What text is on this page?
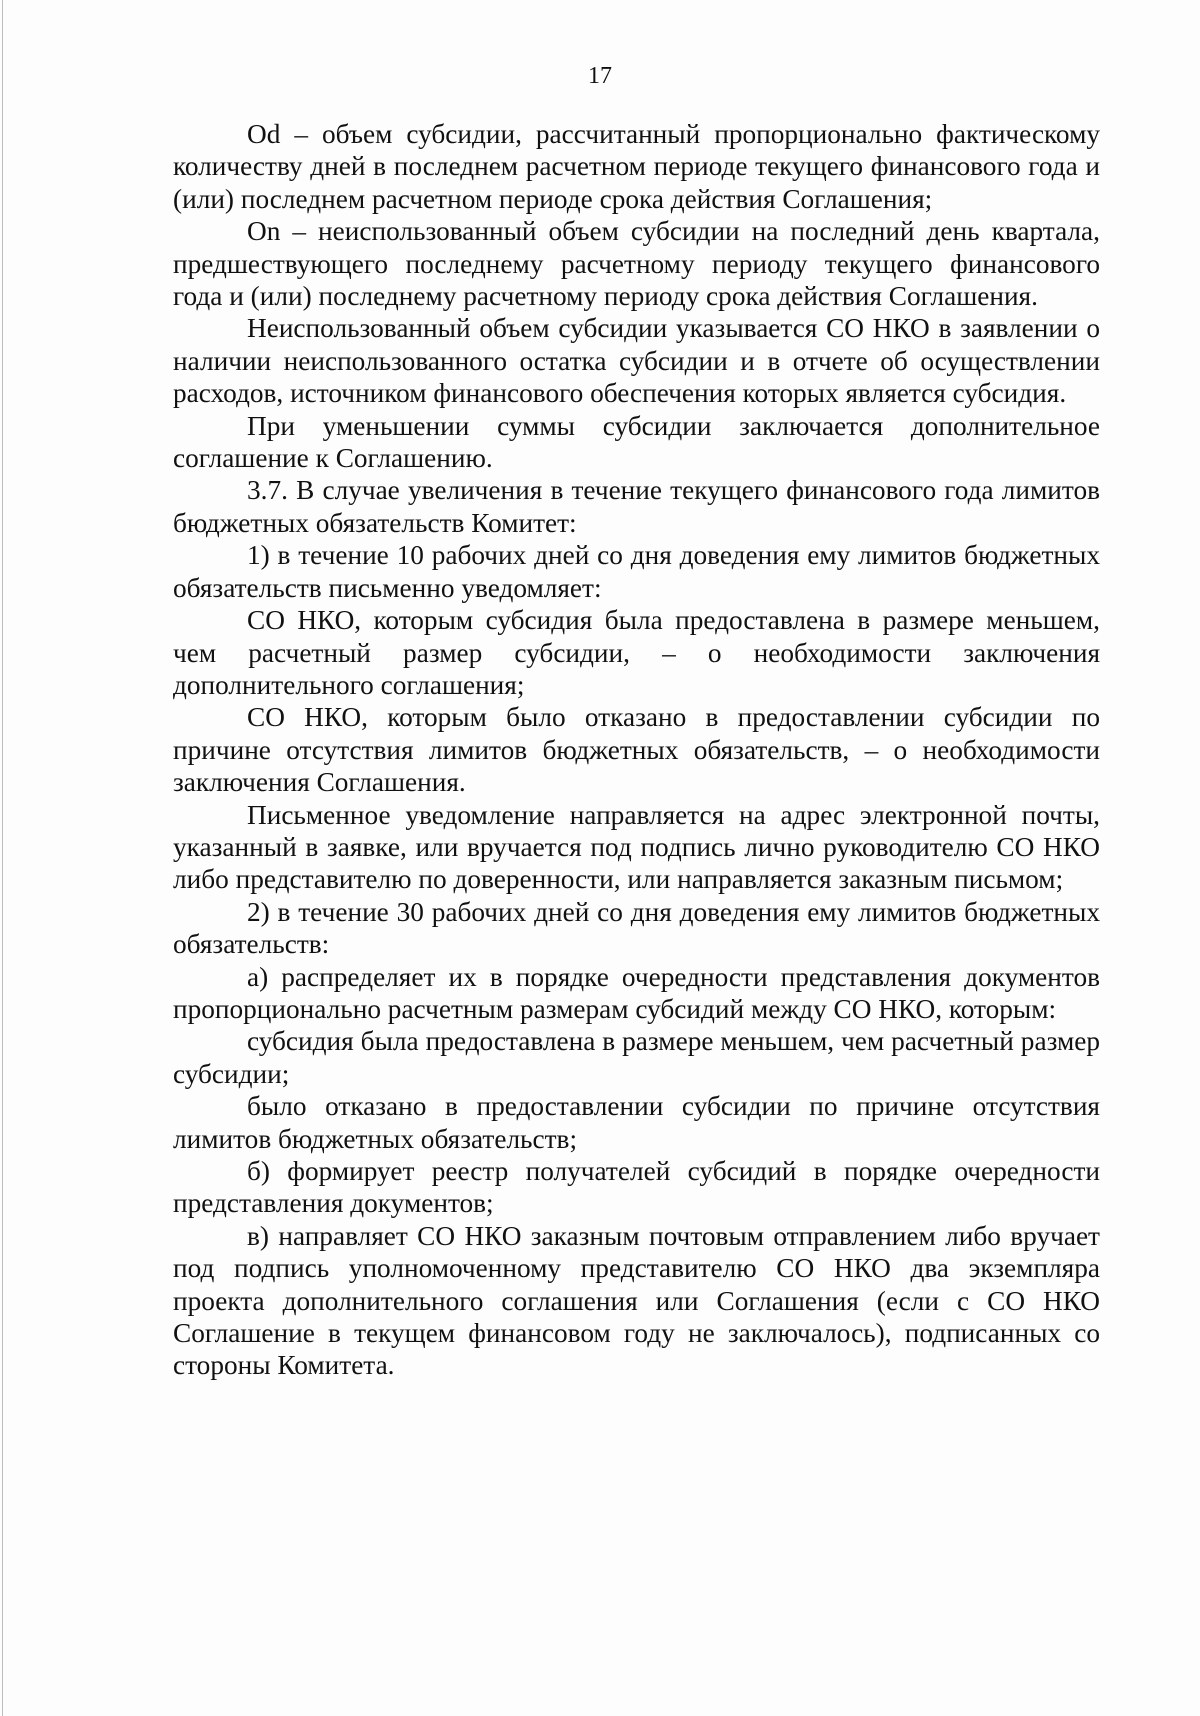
17

Od – объем субсидии, рассчитанный пропорционально фактическому количеству дней в последнем расчетном периоде текущего финансового года и (или) последнем расчетном периоде срока действия Соглашения;

On – неиспользованный объем субсидии на последний день квартала, предшествующего последнему расчетному периоду текущего финансового года и (или) последнему расчетному периоду срока действия Соглашения.

Неиспользованный объем субсидии указывается СО НКО в заявлении о наличии неиспользованного остатка субсидии и в отчете об осуществлении расходов, источником финансового обеспечения которых является субсидия.

При уменьшении суммы субсидии заключается дополнительное соглашение к Соглашению.

3.7. В случае увеличения в течение текущего финансового года лимитов бюджетных обязательств Комитет:

1) в течение 10 рабочих дней со дня доведения ему лимитов бюджетных обязательств письменно уведомляет:

СО НКО, которым субсидия была предоставлена в размере меньшем, чем расчетный размер субсидии, – о необходимости заключения дополнительного соглашения;

СО НКО, которым было отказано в предоставлении субсидии по причине отсутствия лимитов бюджетных обязательств, – о необходимости заключения Соглашения.

Письменное уведомление направляется на адрес электронной почты, указанный в заявке, или вручается под подпись лично руководителю СО НКО либо представителю по доверенности, или направляется заказным письмом;

2) в течение 30 рабочих дней со дня доведения ему лимитов бюджетных обязательств:

а) распределяет их в порядке очередности представления документов пропорционально расчетным размерам субсидий между СО НКО, которым:

субсидия была предоставлена в размере меньшем, чем расчетный размер субсидии;

было отказано в предоставлении субсидии по причине отсутствия лимитов бюджетных обязательств;

б) формирует реестр получателей субсидий в порядке очередности представления документов;

в) направляет СО НКО заказным почтовым отправлением либо вручает под подпись уполномоченному представителю СО НКО два экземпляра проекта дополнительного соглашения или Соглашения (если с СО НКО Соглашение в текущем финансовом году не заключалось), подписанных со стороны Комитета.
